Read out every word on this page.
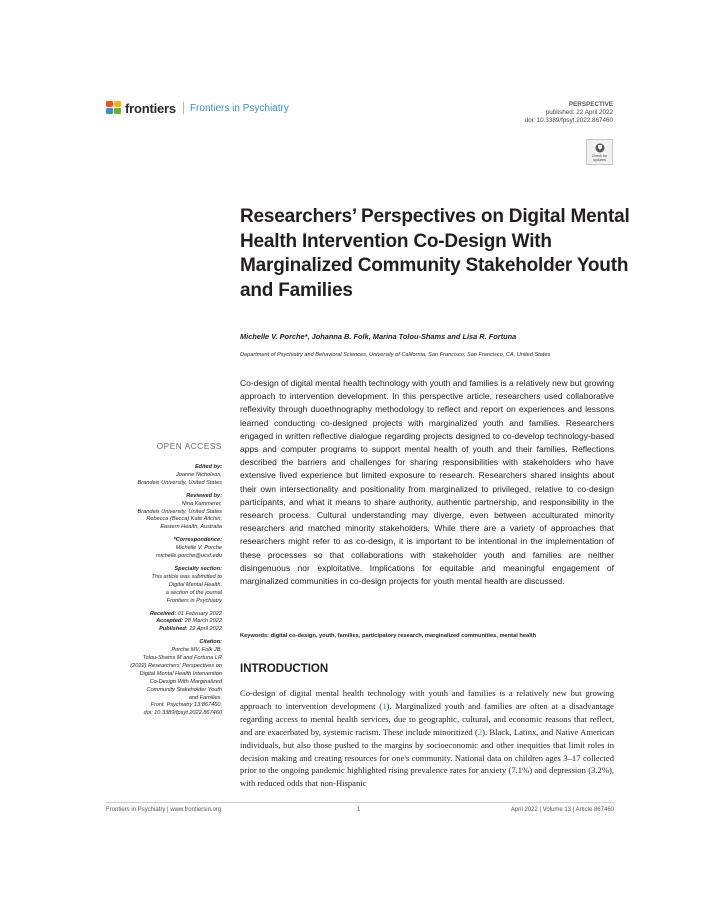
frontiers Frontiers in Psychiatry	PERSPECTIVE
published: 22 April 2022
doi: 10.3389/fpsyt.2022.867460
Check for
updates
Researchers’ Perspectives on Digital Mental Health Intervention Co-Design With Marginalized Community Stakeholder Youth and Families
Michelle V. Porche*, Johanna B. Folk, Marina Tolou-Shams and Lisa R. Fortuna
Department of Psychiatry and Behavioral Sciences, University of California, San Francisco, San Francisco, CA, United States

Co-design of digital mental health technology with youth and families is a relatively new but growing approach to intervention development. In this perspective article, researchers used collaborative reflexivity through duoethnography methodology to reflect and report on experiences and lessons learned conducting co-designed projects with marginalized youth and families. Researchers engaged in written reflective dialogue regarding projects designed to co-develop technology-based apps and computer programs to support mental health of youth and their families. Reflections described the barriers and challenges for sharing responsibilities with stakeholders who have extensive lived experience but limited exposure to research. Researchers shared insights about their own intersectionality and positionality from marginalized to privileged, relative to co-design participants, and what it means to share authority, authentic partnership, and responsibility in the research process. Cultural understanding may diverge, even between acculturated minority researchers and matched minority stakeholders. While there are a variety of approaches that researchers might refer to as co-design, it is important to be intentional in the implementation of these processes so that collaborations with stakeholder youth and families are neither disingenuous nor exploitative. Implications for equitable and meaningful engagement of marginalized communities in co-design projects for youth mental health are discussed.

Keywords: digital co-design, youth, families, participatory research, marginalized communities, mental health
INTRODUCTION

Co-design of digital mental health technology with youth and families is a relatively new but growing approach to intervention development (1). Marginalized youth and families are often at a disadvantage regarding access to mental health services, due to geographic, cultural, and economic reasons that reflect, and are exacerbated by, systemic racism. These include minoritized (2). Black, Latinx, and Native American individuals, but also those pushed to the margins by socioeconomic and other inequities that limit roles in decision making and creating resources for one's community. National data on children ages 3–17 collected prior to the ongoing pandemic highlighted rising prevalence rates for anxiety (7.1%) and depression (3.2%), with reduced odds that non-Hispanic

OPEN ACCESS
Edited by:
Joanne Nicholson,
Brandeis University, United States
Reviewed by:
Nina Kammerer,
Brandeis University, United States
Rebecca (Becca) Kate Aitchin,
Eastern Health, Australia
*Correspondence:
Michelle V. Porche
michelle.porche@ucsf.edu
Specialty section:
This article was submitted to
Digital Mental Health,
a section of the journal
Frontiers in Psychiatry
Received: 01 February 2022
Accepted: 28 March 2022
Published: 22 April 2022
Citation:
Porche MV, Folk JB,
Tolou-Shams M and Fortuna LR
(2022) Researchers’ Perspectives on
Digital Mental Health Intervention
Co-Design With Marginalized
Community Stakeholder Youth
and Families.
Front. Psychiatry 13:867460.
doi: 10.3389/fpsyt.2022.867460
Frontiers in Psychiatry | www.frontiersin.org	1	April 2022 | Volume 13 | Article 867460
